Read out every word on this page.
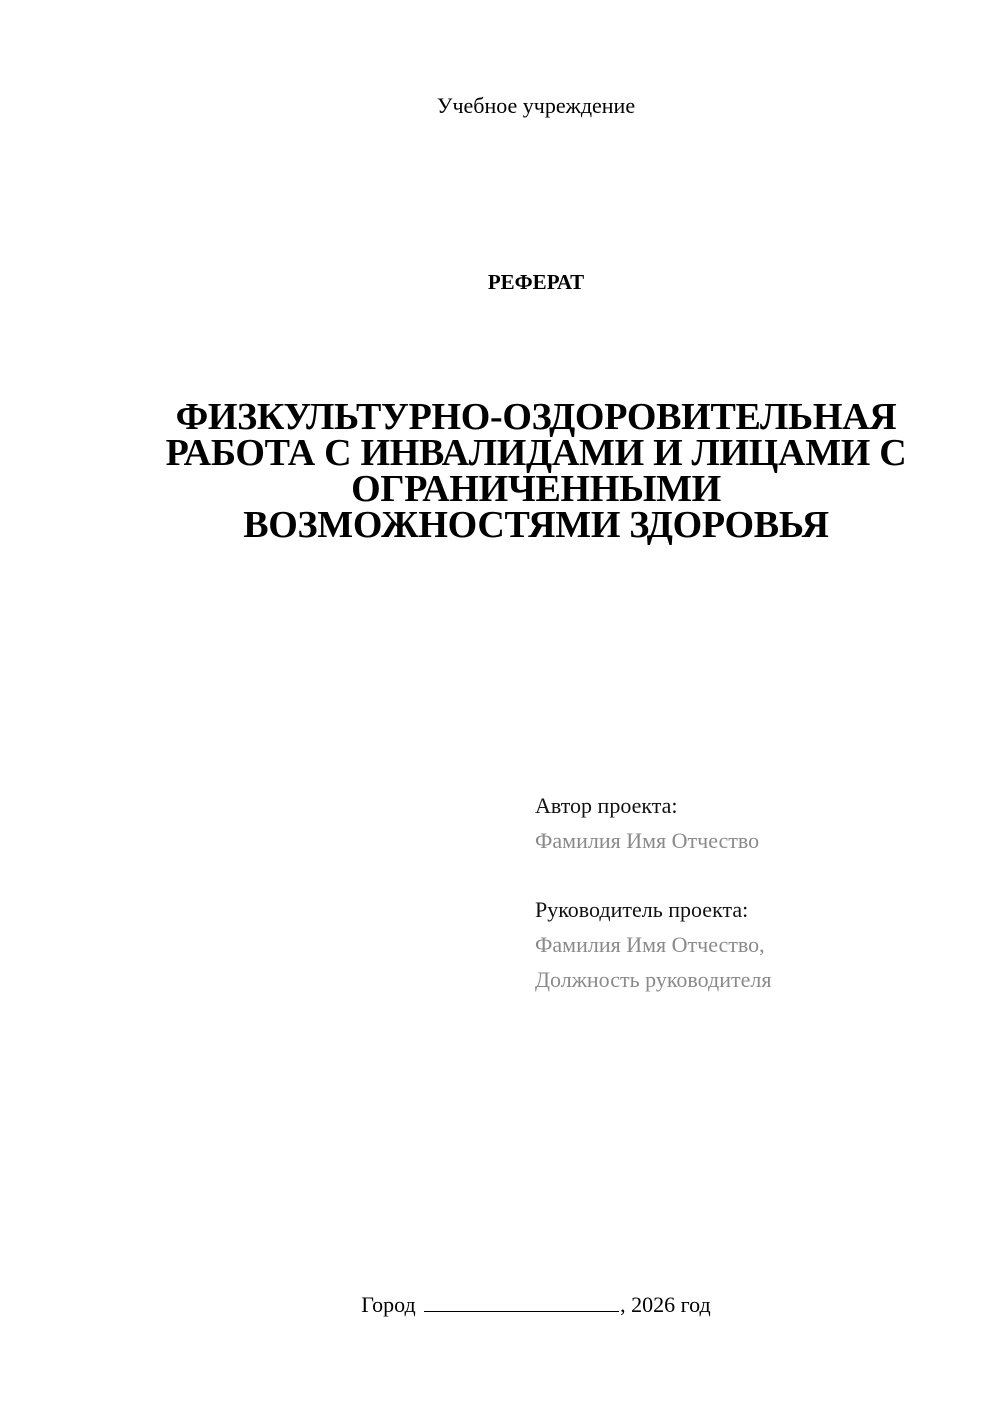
Учебное учреждение
РЕФЕРАТ
ФИЗКУЛЬТУРНО-ОЗДОРОВИТЕЛЬНАЯ
РАБОТА С ИНВАЛИДАМИ И ЛИЦАМИ С
ОГРАНИЧЕННЫМИ
ВОЗМОЖНОСТЯМИ ЗДОРОВЬЯ
Автор проекта:
Фамилия Имя Отчество
Руководитель проекта:
Фамилия Имя Отчество,
Должность руководителя
Город	, 2026 год
